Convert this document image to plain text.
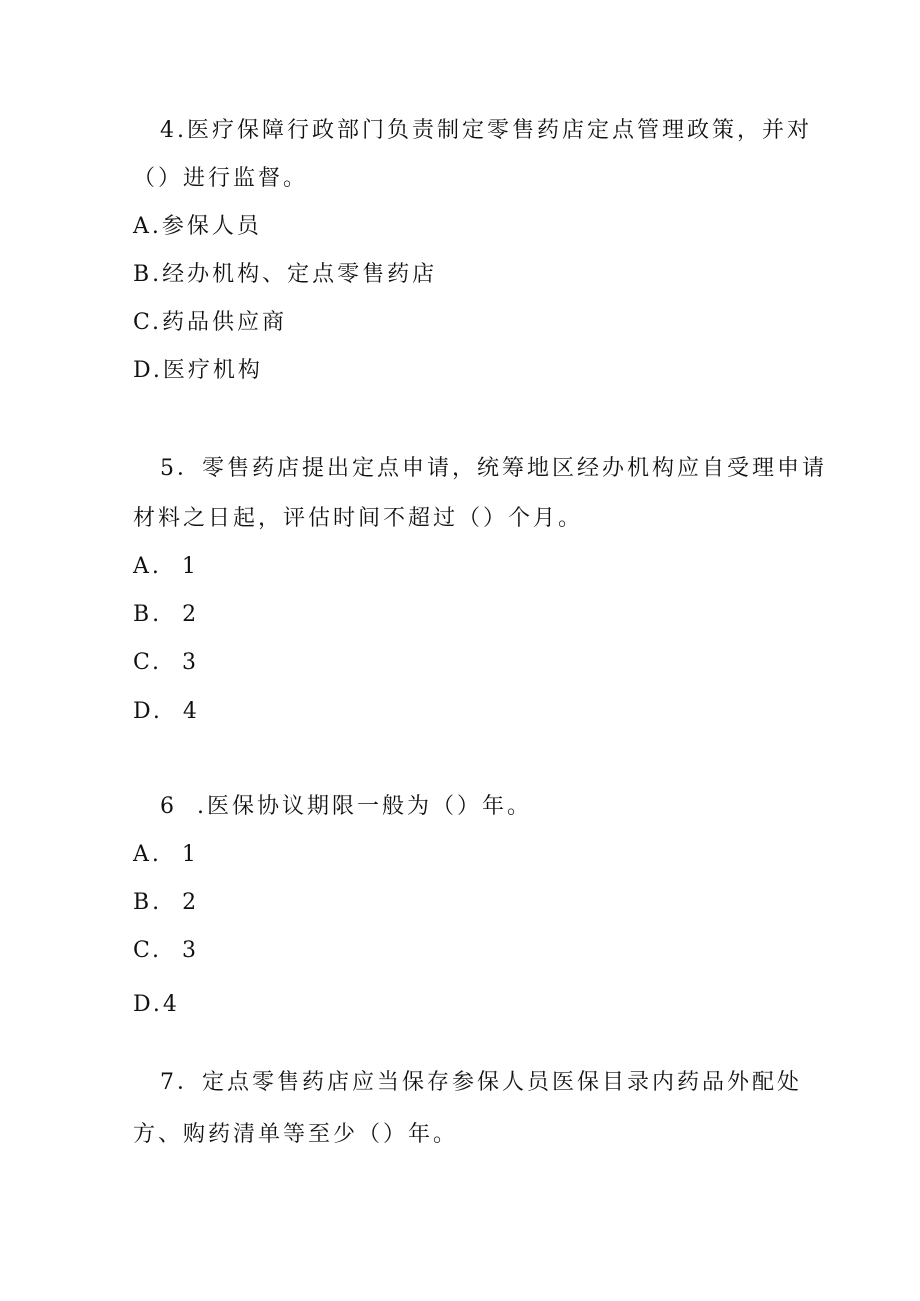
4.医疗保障行政部门负责制定零售药店定点管理政策，并对
（）进行监督。
A.参保人员
B.经办机构、定点零售药店
C.药品供应商
D.医疗机构
5．零售药店提出定点申请，统筹地区经办机构应自受理申请
材料之日起，评估时间不超过（）个月。
A.  1
B.  2
C.  3
D.  4
6  .医保协议期限一般为（）年。
A.  1
B.  2
C.  3
D.4
7．定点零售药店应当保存参保人员医保目录内药品外配处
方、购药清单等至少（）年。
